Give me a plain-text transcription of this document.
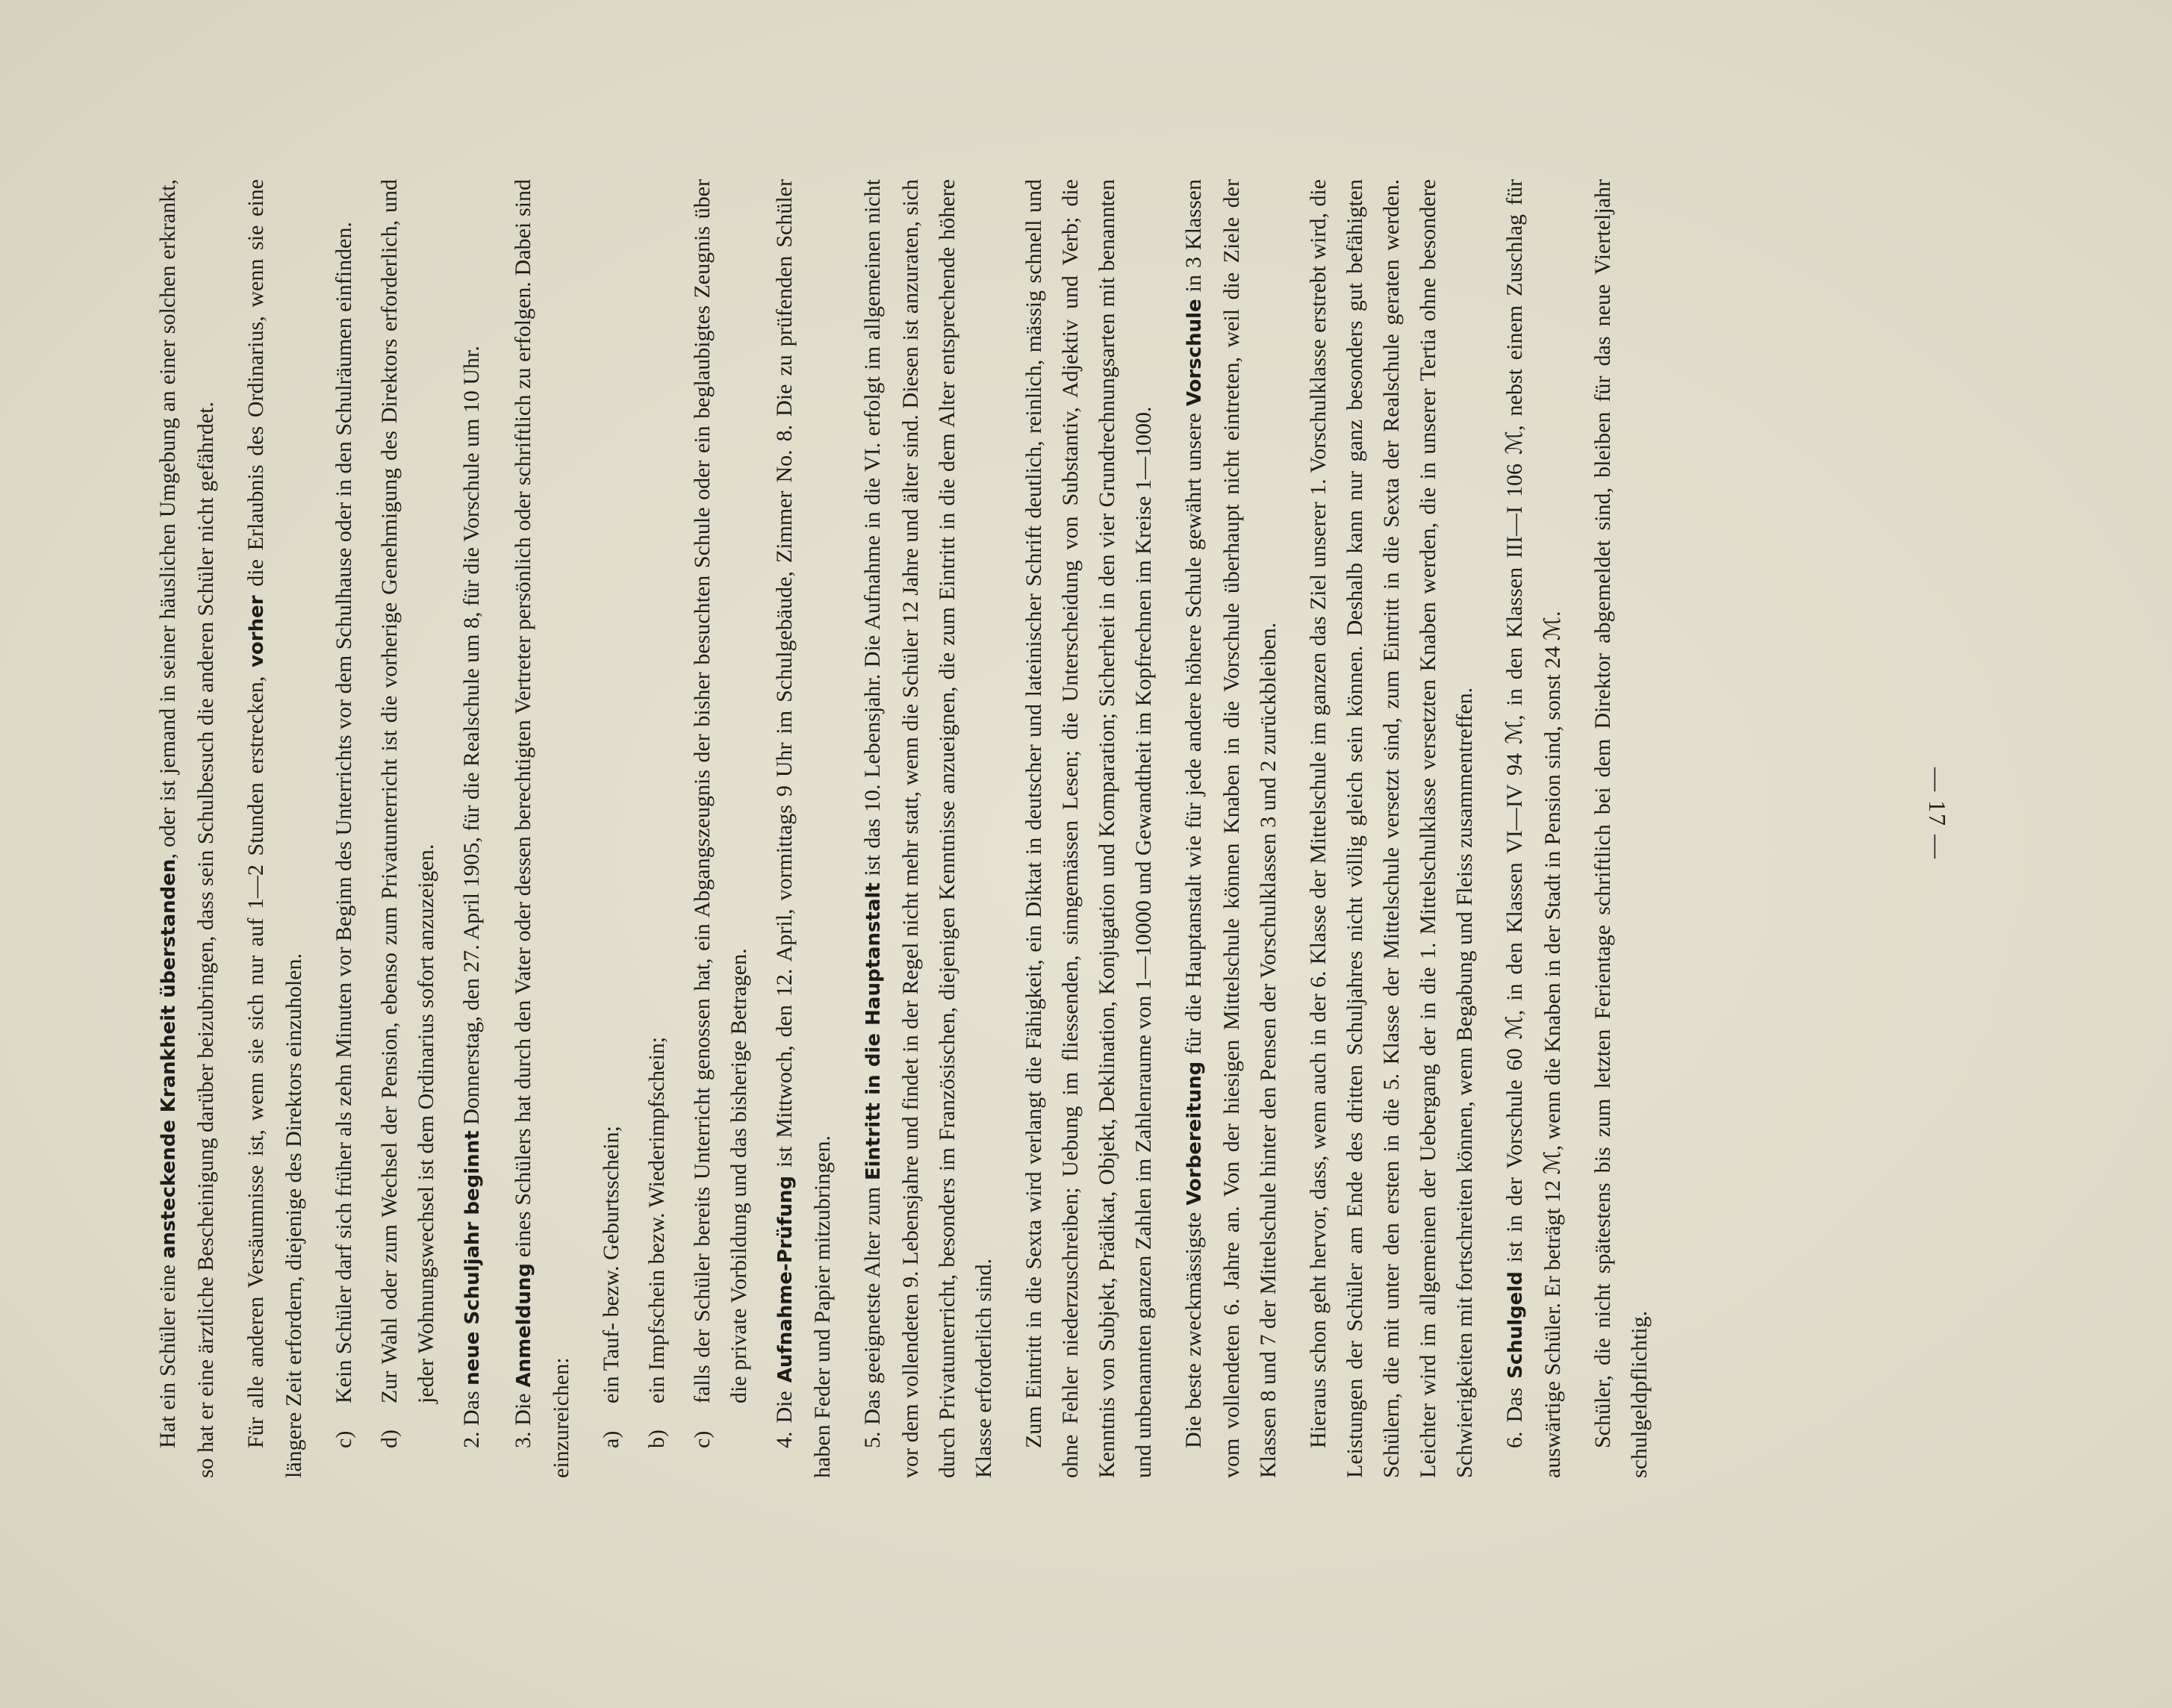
— 17 —

Hat ein Schüler eine ansteckende Krankheit überstanden, oder ist jemand in seiner häuslichen Umgebung an einer solchen erkrankt, so hat er eine ärztliche Bescheinigung darüber beizubringen, dass sein Schulbesuch die anderen Schüler nicht gefährdet. Für alle anderen Versäumnisse ist, wenn sie sich nur auf 1—2 Stunden erstrecken, vorher die Erlaubnis des Ordinarius, wenn sie eine längere Zeit erfordern, diejenige des Direktors einzuholen. c)
Kein Schüler darf sich früher als zehn Minuten vor Beginn des Unterrichts vor dem Schulhause oder in den Schulräumen einfinden.
d)
Zur Wahl oder zum Wechsel der Pension, ebenso zum Privatunterricht ist die vorherige Genehmigung des Direktors erforderlich, und jeder Wohnungswechsel ist dem Ordinarius sofort anzuzeigen.

2. Das neue Schuljahr beginnt Donnerstag, den 27. April 1905, für die Realschule um 8, für die Vorschule um 10 Uhr.

3. Die Anmeldung eines Schülers hat durch den Vater oder dessen berechtigten Vertreter persönlich oder schriftlich zu erfolgen. Dabei sind einzureichen: a)
ein Tauf- bezw. Geburtsschein;
b)
ein Impfschein bezw. Wiederimpfschein;
c)
falls der Schüler bereits Unterricht genossen hat, ein Abgangszeugnis der bisher besuchten Schule oder ein beglaubigtes Zeugnis über die private Vorbildung und das bisherige Betragen.

4. Die Aufnahme-Prüfung ist Mittwoch, den 12. April, vormittags 9 Uhr im Schulgebäude, Zimmer No. 8. Die zu prüfenden Schüler haben Feder und Papier mitzubringen. 5. Das geeignetste Alter zum Eintritt in die Hauptanstalt ist das 10. Lebensjahr. Die Aufnahme in die VI. erfolgt im allgemeinen nicht vor dem vollendeten 9. Lebensjahre und findet in der Regel nicht mehr statt, wenn die Schüler 12 Jahre und älter sind. Diesen ist anzuraten, sich durch Privatunterricht, besonders im Französischen, diejenigen Kenntnisse anzueignen, die zum Eintritt in die dem Alter entsprechende höhere Klasse erforderlich sind. Zum Eintritt in die Sexta wird verlangt die Fähigkeit, ein Diktat in deutscher und lateinischer Schrift deutlich, reinlich, mässig schnell und ohne Fehler niederzuschreiben; Uebung im fliessenden, sinngemässen Lesen; die Unterscheidung von Substantiv, Adjektiv und Verb; die Kenntnis von Subjekt, Prädikat, Objekt, Deklination, Konjugation und Komparation; Sicherheit in den vier Grundrechnungsarten mit benannten und unbenannten ganzen Zahlen im Zahlenraume von 1—10000 und Gewandtheit im Kopfrechnen im Kreise 1—1000. Die beste zweckmässigste Vorbereitung für die Hauptanstalt wie für jede andere höhere Schule gewährt unsere Vorschule in 3 Klassen vom vollendeten 6. Jahre an. Von der hiesigen Mittelschule können Knaben in die Vorschule überhaupt nicht eintreten, weil die Ziele der Klassen 8 und 7 der Mittelschule hinter den Pensen der Vorschulklassen 3 und 2 zurückbleiben. Hieraus schon geht hervor, dass, wenn auch in der 6. Klasse der Mittelschule im ganzen das Ziel unserer 1. Vorschulklasse erstrebt wird, die Leistungen der Schüler am Ende des dritten Schuljahres nicht völlig gleich sein können. Deshalb kann nur ganz besonders gut befähigten Schülern, die mit unter den ersten in die 5. Klasse der Mittelschule versetzt sind, zum Eintritt in die Sexta der Realschule geraten werden. Leichter wird im allgemeinen der Uebergang der in die 1. Mittelschulklasse versetzten Knaben werden, die in unserer Tertia ohne besondere Schwierigkeiten mit fortschreiten können, wenn Begabung und Fleiss zusammentreffen. 6. Das Schulgeld ist in der Vorschule 60 ℳ, in den Klassen VI—IV 94 ℳ, in den Klassen III—I 106 ℳ, nebst einem Zuschlag für auswärtige Schüler. Er beträgt 12 ℳ, wenn die Knaben in der Stadt in Pension sind, sonst 24 ℳ. Schüler, die nicht spätestens bis zum letzten Ferientage schriftlich bei dem Direktor abgemeldet sind, bleiben für das neue Vierteljahr schulgeldpflichtig.
